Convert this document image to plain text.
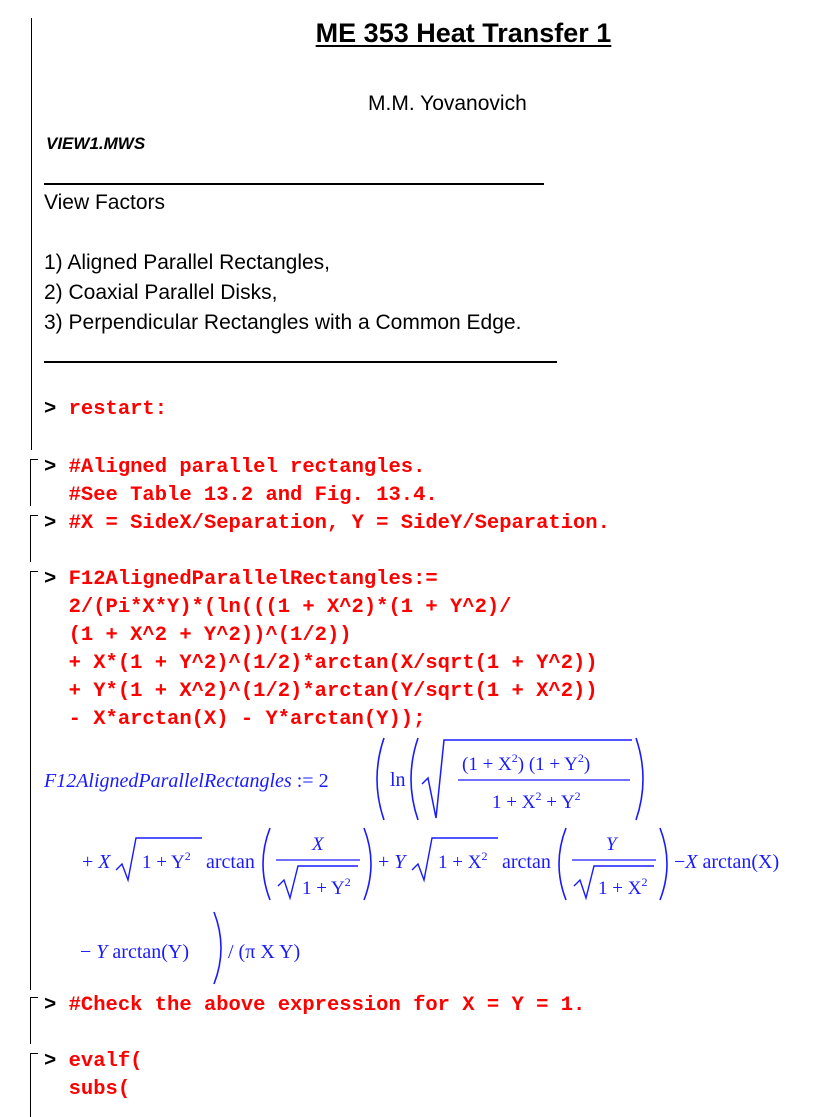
ME 353 Heat Transfer 1
M.M. Yovanovich
VIEW1.MWS
View Factors
1) Aligned Parallel Rectangles,
2) Coaxial Parallel Disks,
3) Perpendicular Rectangles with a Common Edge.
> restart:
> #Aligned parallel rectangles.
#See Table 13.2 and Fig. 13.4.
> #X = SideX/Separation, Y = SideY/Separation.
> F12AlignedParallelRectangles:=
2/(Pi*X*Y)*(ln(((1 + X^2)*(1 + Y^2)/
(1 + X^2 + Y^2))^(1/2))
+ X*(1 + Y^2)^(1/2)*arctan(X/sqrt(1 + Y^2))
+ Y*(1 + X^2)^(1/2)*arctan(Y/sqrt(1 + X^2))
- X*arctan(X) - Y*arctan(Y));
F12AlignedParallelRectangles := 2	ln
$(1 + X^2)$ $(1 + Y^2)$
$1 + X^2 + Y^2$
+ X $1 + Y^2$ arctan
X
$1 + Y^2$
+ Y $1 + X^2$ arctan
Y
$1 + X^2$
−X arctan(X)
− Y arctan(Y) / (π X Y)
> #Check the above expression for X = Y = 1.
> evalf(
subs(
